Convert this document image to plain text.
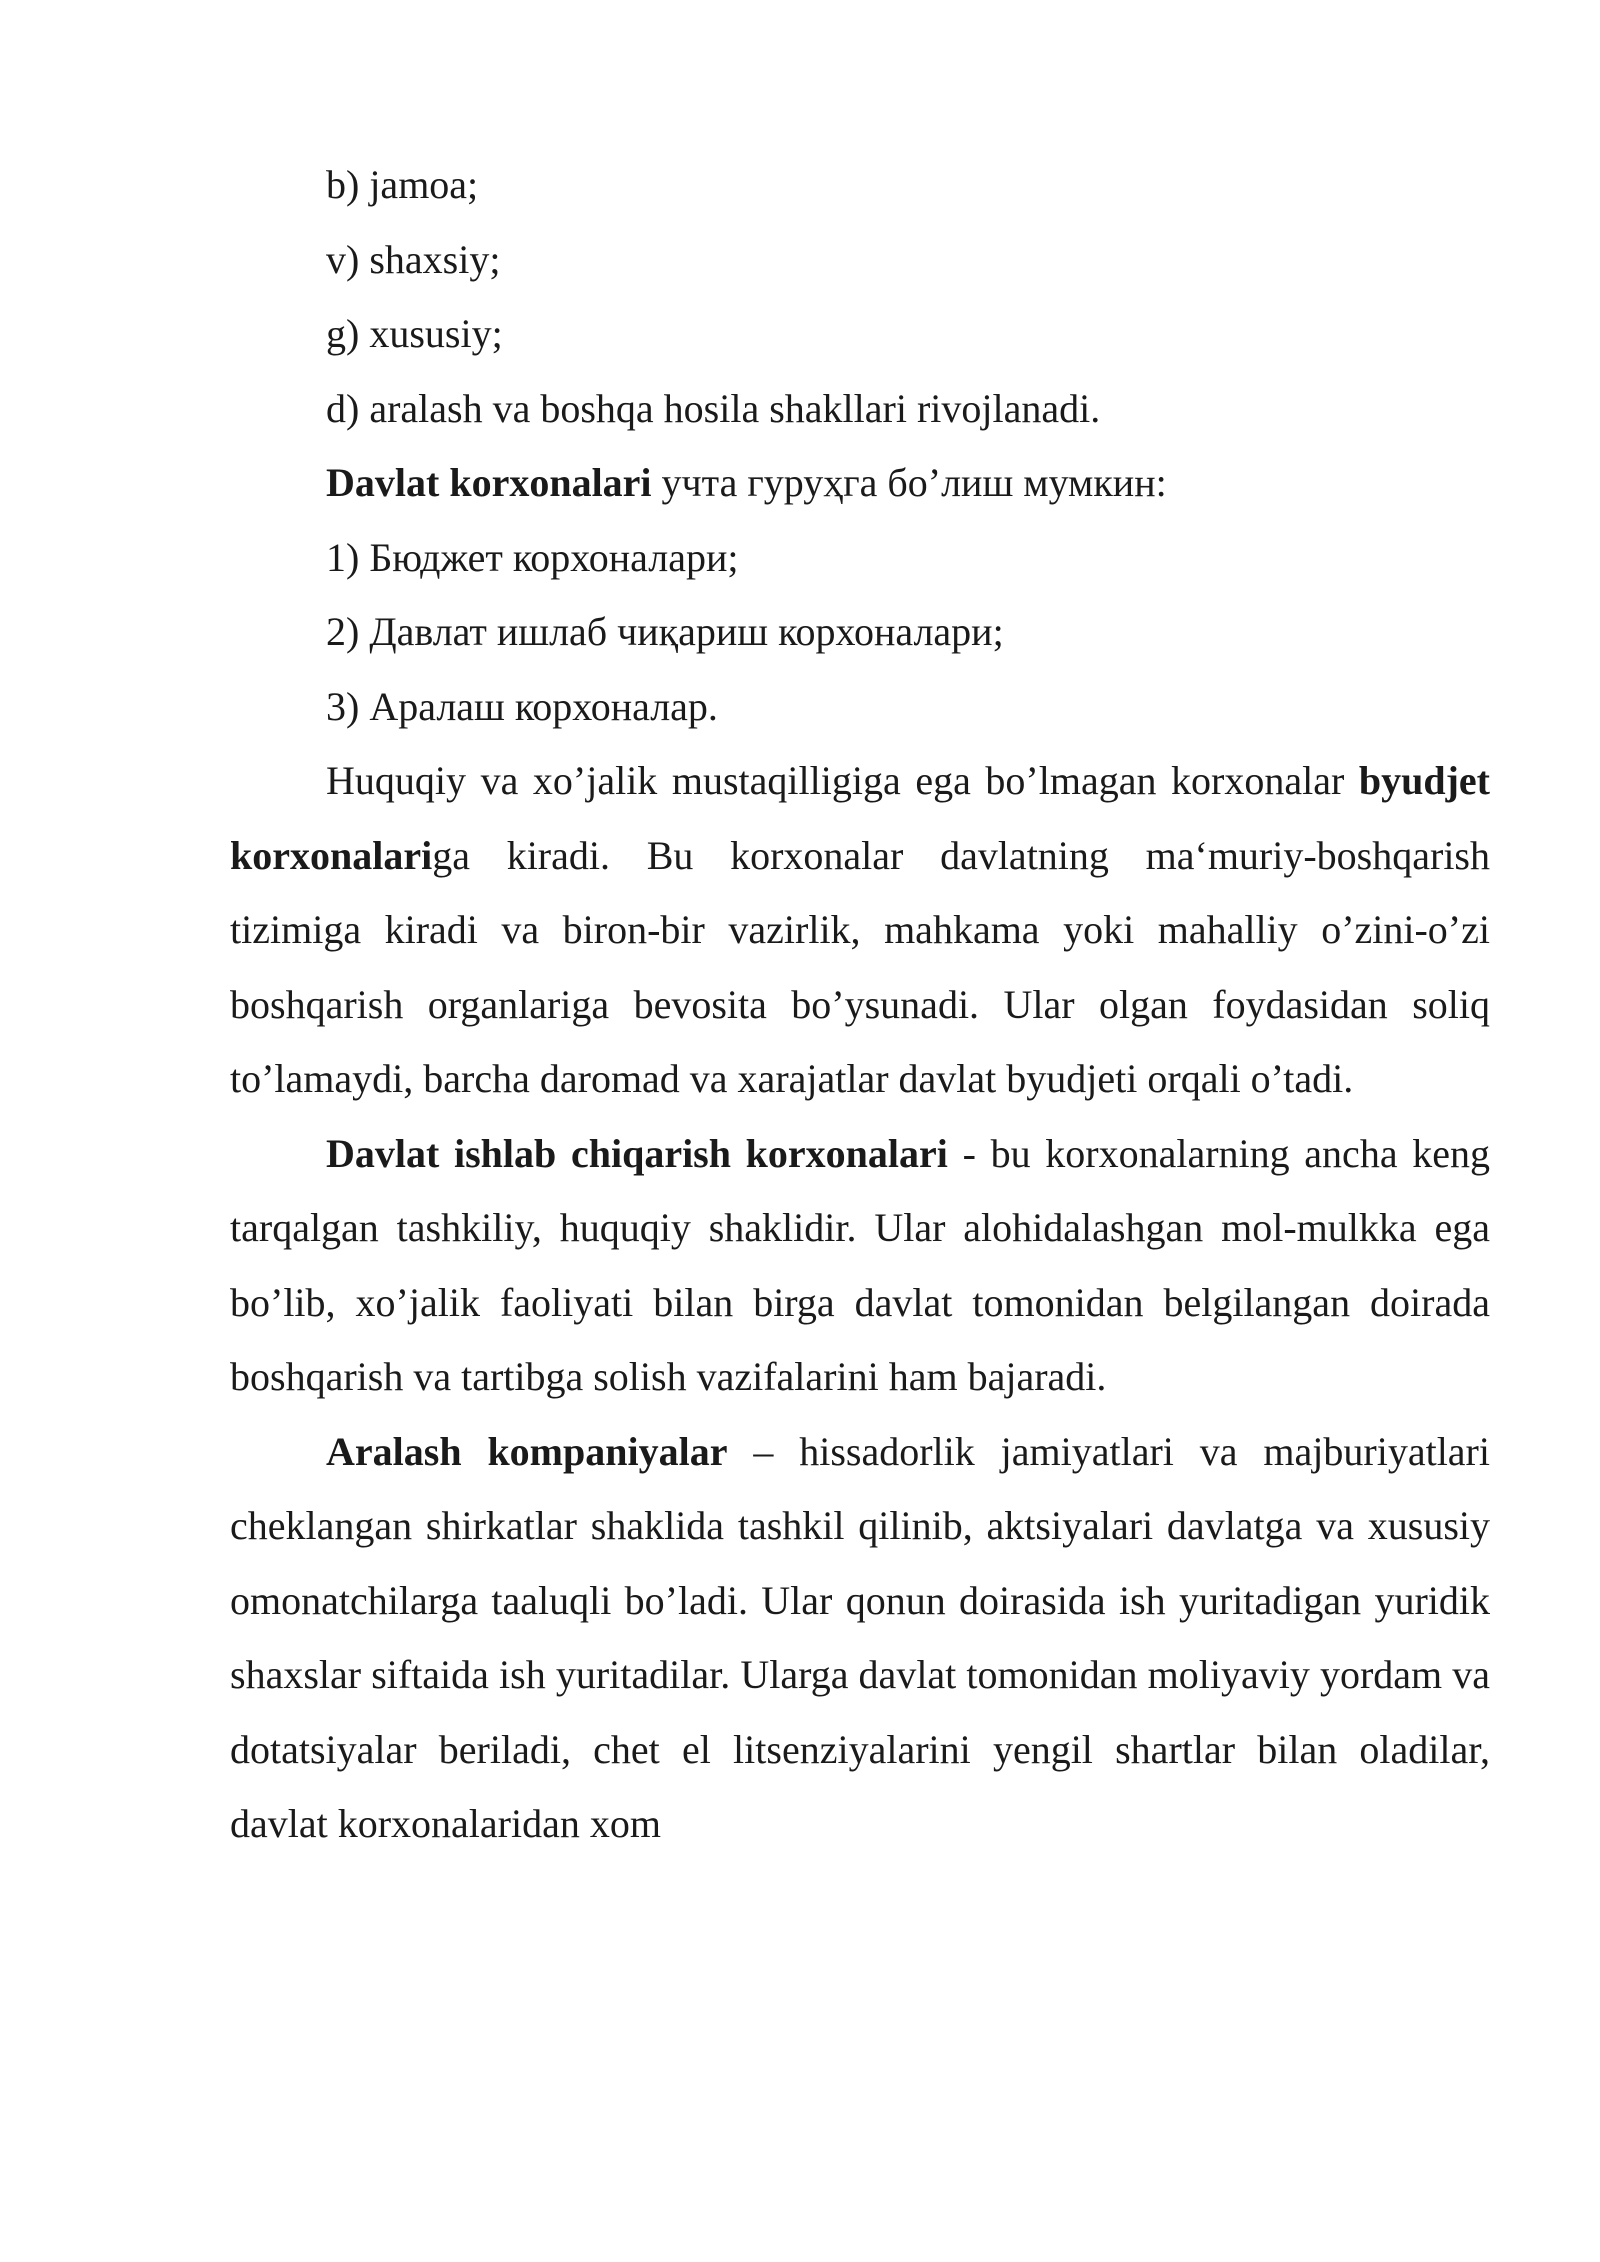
b) jamoa;

v) shaxsiy;

g) xususiy;

d) aralash va boshqa hosila shakllari rivojlanadi.

Davlat korxonalari учта гуруҳга бо’лиш мумкин:

1) Бюджет корхоналари;

2) Давлат ишлаб чиқариш корхоналари;

3) Аралаш корхоналар.

Huquqiy va xo’jalik mustaqilligiga ega bo’lmagan korxonalar byudjet korxonalariga kiradi. Bu korxonalar davlatning ma‘muriy-boshqarish tizimiga kiradi va biron-bir vazirlik, mahkama yoki mahalliy o’zini-o’zi boshqarish organlariga bevosita bo’ysunadi. Ular olgan foydasidan soliq to’lamaydi, barcha daromad va xarajatlar davlat byudjeti orqali o’tadi.

Davlat ishlab chiqarish korxonalari - bu korxonalarning ancha keng tarqalgan tashkiliy, huquqiy shaklidir. Ular alohidalashgan mol-mulkka ega bo’lib, xo’jalik faoliyati bilan birga davlat tomonidan belgilangan doirada boshqarish va tartibga solish vazifalarini ham bajaradi.

Aralash kompaniyalar – hissadorlik jamiyatlari va majburiyatlari cheklangan shirkatlar shaklida tashkil qilinib, aktsiyalari davlatga va xususiy omonatchilarga taaluqli bo’ladi. Ular qonun doirasida ish yuritadigan yuridik shaxslar siftaida ish yuritadilar. Ularga davlat tomonidan moliyaviy yordam va dotatsiyalar beriladi, chet el litsenziyalarini yengil shartlar bilan oladilar, davlat korxonalaridan xom
